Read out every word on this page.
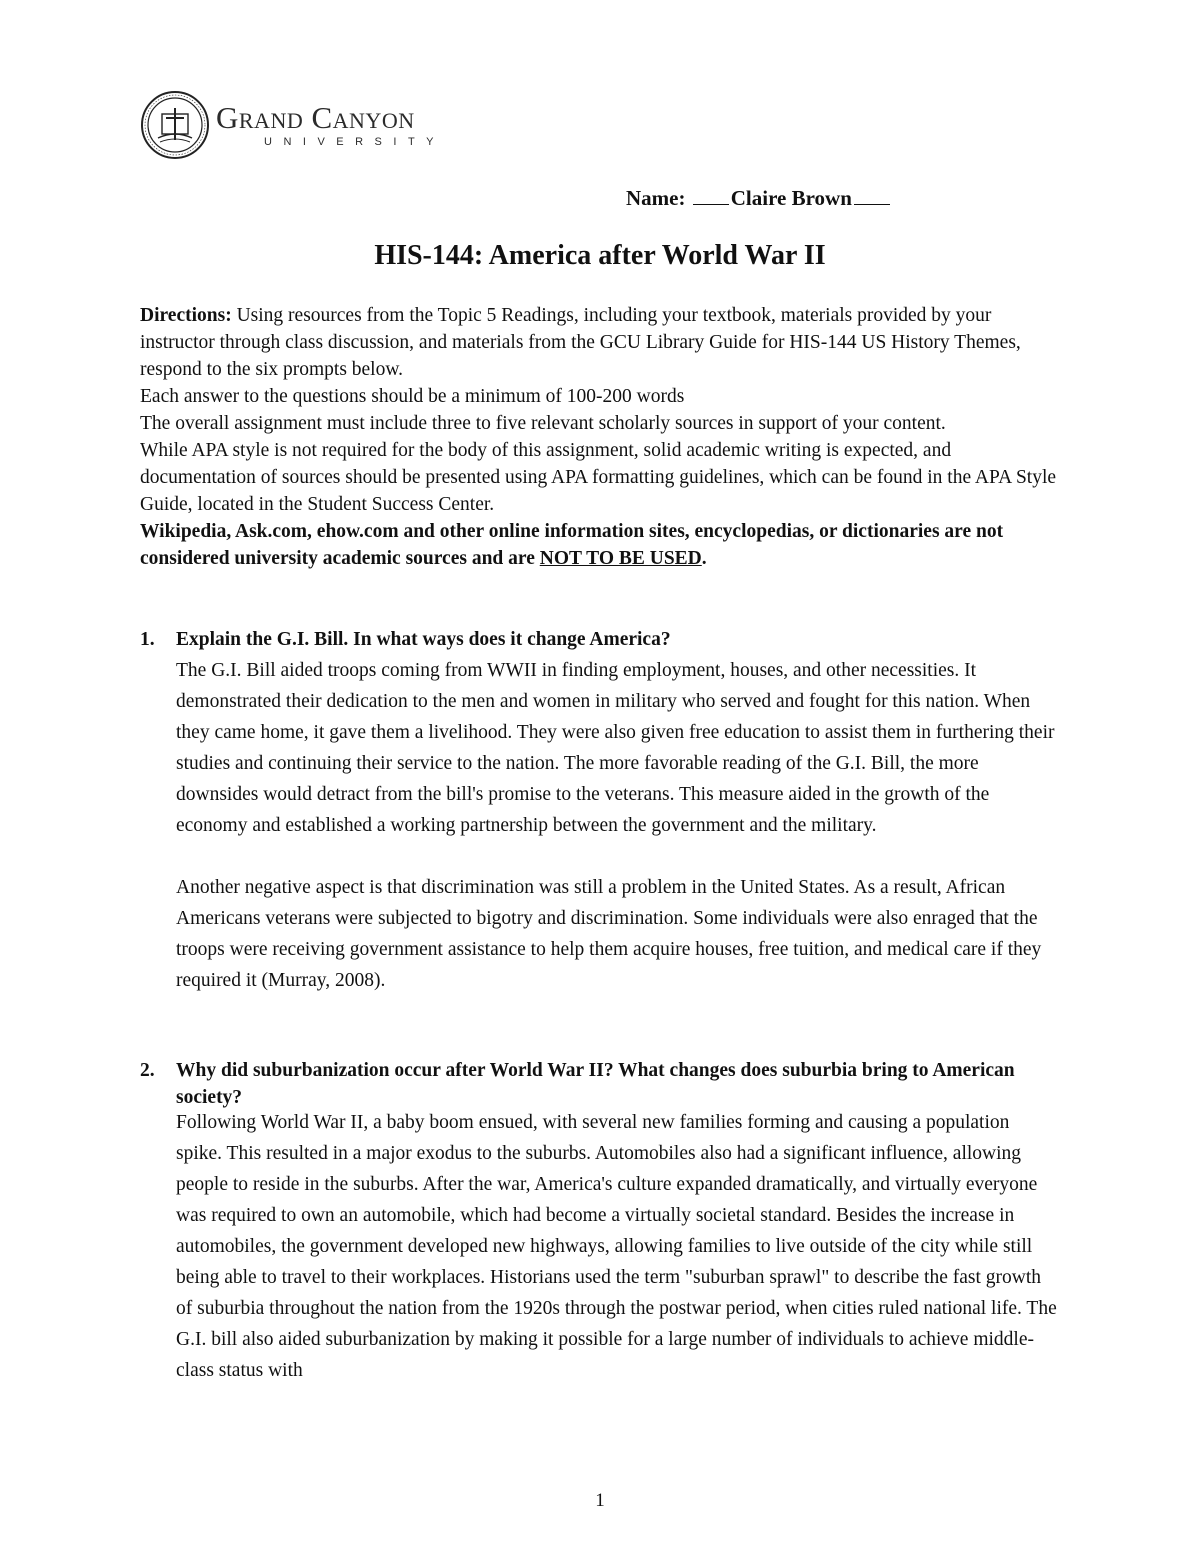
Grand Canyon
UNIVERSITY
Name: Claire Brown
HIS-144: America after World War II

Directions: Using resources from the Topic 5 Readings, including your textbook, materials provided by your instructor through class discussion, and materials from the GCU Library Guide for HIS-144 US History Themes, respond to the six prompts below.

Each answer to the questions should be a minimum of 100-200 words

The overall assignment must include three to five relevant scholarly sources in support of your content.

While APA style is not required for the body of this assignment, solid academic writing is expected, and documentation of sources should be presented using APA formatting guidelines, which can be found in the APA Style Guide, located in the Student Success Center.

Wikipedia, Ask.com, ehow.com and other online information sites, encyclopedias, or dictionaries are not considered university academic sources and are NOT TO BE USED.

1.	Explain the G.I. Bill. In what ways does it change America?

The G.I. Bill aided troops coming from WWII in finding employment, houses, and other necessities. It demonstrated their dedication to the men and women in military who served and fought for this nation. When they came home, it gave them a livelihood. They were also given free education to assist them in furthering their studies and continuing their service to the nation. The more favorable reading of the G.I. Bill, the more downsides would detract from the bill's promise to the veterans. This measure aided in the growth of the economy and established a working partnership between the government and the military.

Another negative aspect is that discrimination was still a problem in the United States. As a result, African Americans veterans were subjected to bigotry and discrimination. Some individuals were also enraged that the troops were receiving government assistance to help them acquire houses, free tuition, and medical care if they required it (Murray, 2008).

2.	Why did suburbanization occur after World War II? What changes does suburbia bring to American society?

Following World War II, a baby boom ensued, with several new families forming and causing a population spike. This resulted in a major exodus to the suburbs. Automobiles also had a significant influence, allowing people to reside in the suburbs. After the war, America's culture expanded dramatically, and virtually everyone was required to own an automobile, which had become a virtually societal standard. Besides the increase in automobiles, the government developed new highways, allowing families to live outside of the city while still being able to travel to their workplaces. Historians used the term "suburban sprawl" to describe the fast growth of suburbia throughout the nation from the 1920s through the postwar period, when cities ruled national life. The G.I. bill also aided suburbanization by making it possible for a large number of individuals to achieve middle-class status with

1
